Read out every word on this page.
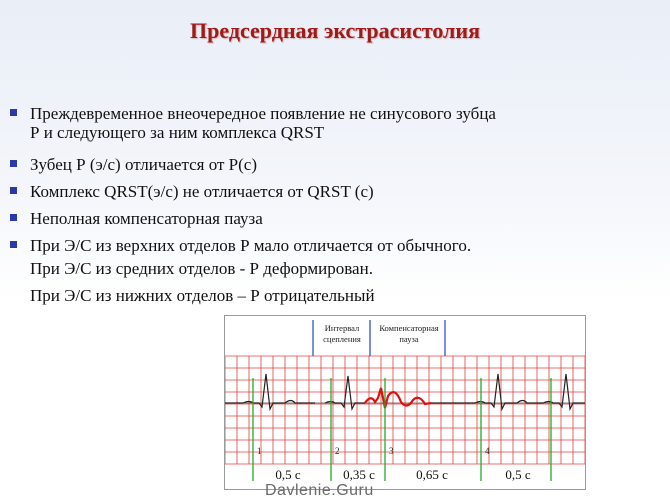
Предсердная экстрасистолия
Преждевременное внеочередное появление не синусового зубца
Р и следующего за ним комплекса QRST
Зубец Р (э/с) отличается от Р(с)
Комплекс QRST(э/с) не отличается от QRST (с)
Неполная компенсаторная пауза
При Э/С из верхних отделов Р мало отличается от обычного.
При Э/С из средних отделов - Р деформирован.
При Э/С из нижних отделов – Р отрицательный
Интервал
сцепления
Компенсаторная
пауза
1	2	3	4
0,5 с	0,35 с	0,65 с	0,5 с
Davlenie.Guru
